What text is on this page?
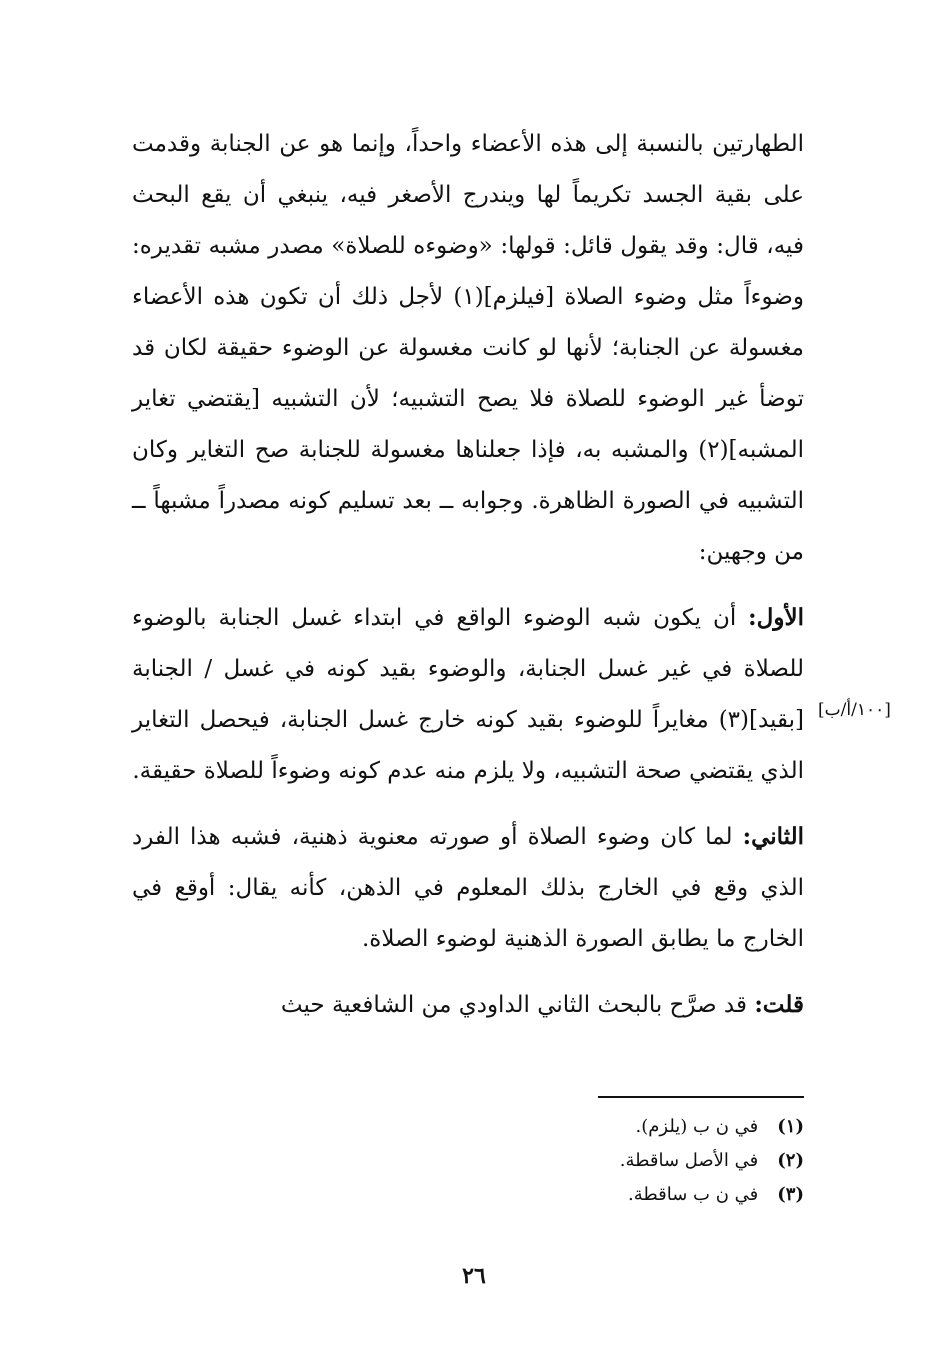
الطهارتين بالنسبة إلى هذه الأعضاء واحداً، وإنما هو عن الجنابة وقدمت على بقية الجسد تكريماً لها ويندرج الأصغر فيه، ينبغي أن يقع البحث فيه، قال: وقد يقول قائل: قولها: «وضوءه للصلاة» مصدر مشبه تقديره: وضوءاً مثل وضوء الصلاة [فيلزم](١) لأجل ذلك أن تكون هذه الأعضاء مغسولة عن الجنابة؛ لأنها لو كانت مغسولة عن الوضوء حقيقة لكان قد توضأ غير الوضوء للصلاة فلا يصح التشبيه؛ لأن التشبيه [يقتضي تغاير المشبه](٢) والمشبه به، فإذا جعلناها مغسولة للجنابة صح التغاير وكان التشبيه في الصورة الظاهرة. وجوابه ــ بعد تسليم كونه مصدراً مشبهاً ــ من وجهين:

الأول: أن يكون شبه الوضوء الواقع في ابتداء غسل الجنابة بالوضوء للصلاة في غير غسل الجنابة، والوضوء بقيد كونه في غسل / الجنابة [بقيد](٣) مغايراً للوضوء بقيد كونه خارج غسل الجنابة، فيحصل التغاير الذي يقتضي صحة التشبيه، ولا يلزم منه عدم كونه وضوءاً للصلاة حقيقة.

الثاني: لما كان وضوء الصلاة أو صورته معنوية ذهنية، فشبه هذا الفرد الذي وقع في الخارج بذلك المعلوم في الذهن، كأنه يقال: أوقع في الخارج ما يطابق الصورة الذهنية لوضوء الصلاة.

قلت: قد صرَّح بالبحث الثاني الداودي من الشافعية حيث

[١٠٠/أ/ب]
(١) في ن ب (يلزم).
(٢) في الأصل ساقطة.
(٣) في ن ب ساقطة.
٢٦
